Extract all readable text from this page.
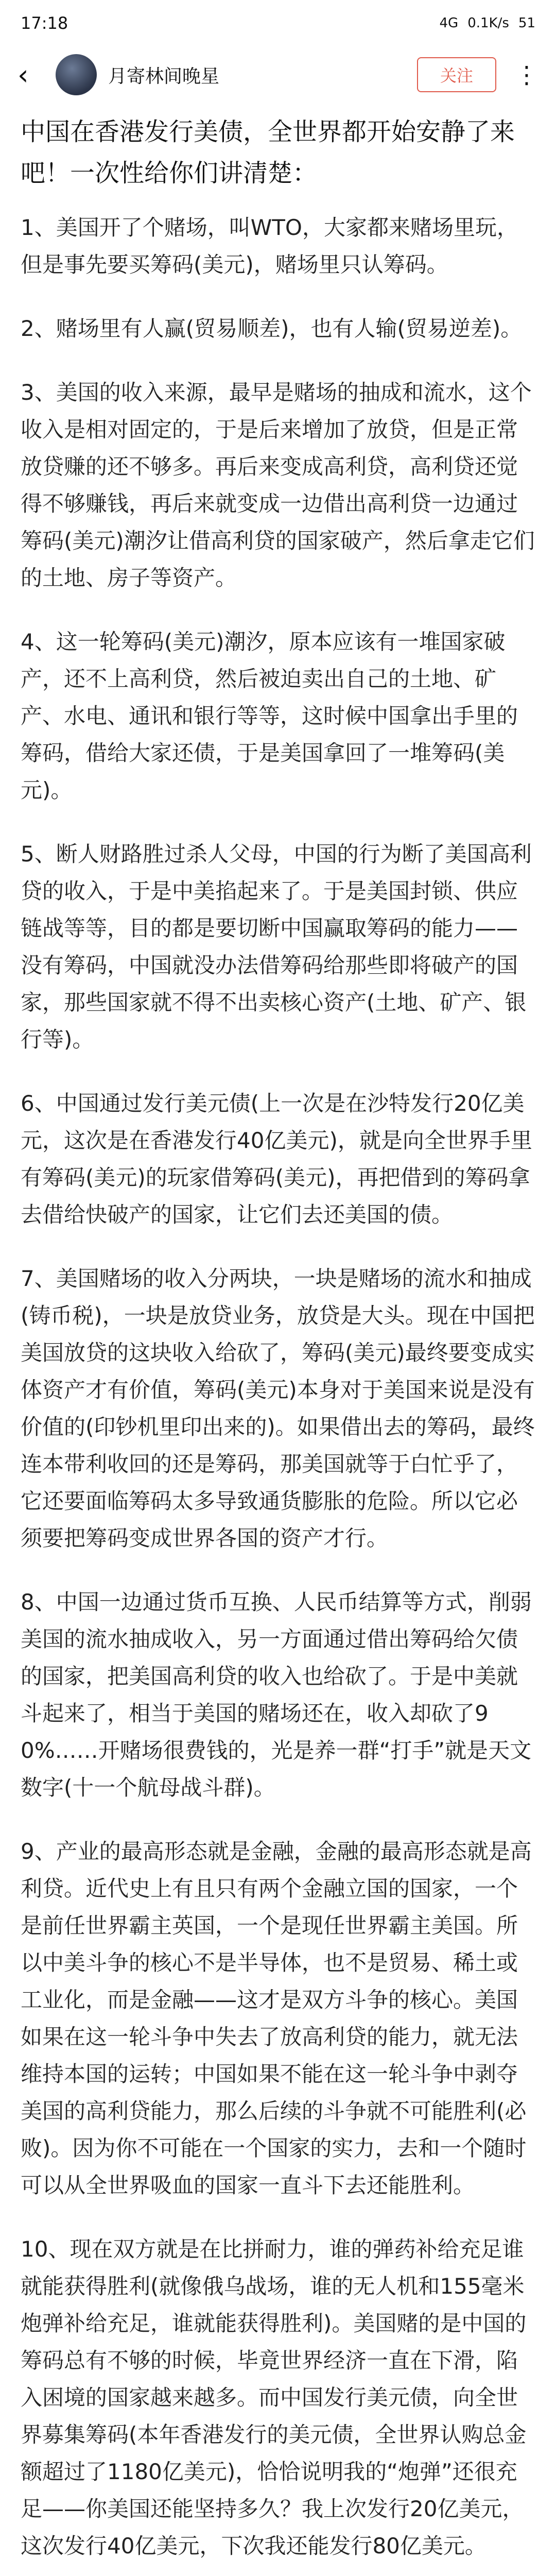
17:18	4G 0.1K/s 51
‹	月寄林间晚星	关注	⋮
中国在香港发行美债，全世界都开始安静了来吧！一次性给你们讲清楚：

1、美国开了个赌场，叫WTO，大家都来赌场里玩，但是事先要买筹码(美元)，赌场里只认筹码。

2、赌场里有人赢(贸易顺差)，也有人输(贸易逆差)。

3、美国的收入来源，最早是赌场的抽成和流水，这个收入是相对固定的，于是后来增加了放贷，但是正常放贷赚的还不够多。再后来变成高利贷，高利贷还觉得不够赚钱，再后来就变成一边借出高利贷一边通过筹码(美元)潮汐让借高利贷的国家破产，然后拿走它们的土地、房子等资产。

4、这一轮筹码(美元)潮汐，原本应该有一堆国家破产，还不上高利贷，然后被迫卖出自己的土地、矿产、水电、通讯和银行等等，这时候中国拿出手里的筹码，借给大家还债，于是美国拿回了一堆筹码(美元)。

5、断人财路胜过杀人父母，中国的行为断了美国高利贷的收入，于是中美掐起来了。于是美国封锁、供应链战等等，目的都是要切断中国赢取筹码的能力——没有筹码，中国就没办法借筹码给那些即将破产的国家，那些国家就不得不出卖核心资产(土地、矿产、银行等)。

6、中国通过发行美元债(上一次是在沙特发行20亿美元，这次是在香港发行40亿美元)，就是向全世界手里有筹码(美元)的玩家借筹码(美元)，再把借到的筹码拿去借给快破产的国家，让它们去还美国的债。

7、美国赌场的收入分两块，一块是赌场的流水和抽成(铸币税)，一块是放贷业务，放贷是大头。现在中国把美国放贷的这块收入给砍了，筹码(美元)最终要变成实体资产才有价值，筹码(美元)本身对于美国来说是没有价值的(印钞机里印出来的)。如果借出去的筹码，最终连本带利收回的还是筹码，那美国就等于白忙乎了，它还要面临筹码太多导致通货膨胀的危险。所以它必须要把筹码变成世界各国的资产才行。

8、中国一边通过货币互换、人民币结算等方式，削弱美国的流水抽成收入，另一方面通过借出筹码给欠债的国家，把美国高利贷的收入也给砍了。于是中美就斗起来了，相当于美国的赌场还在，收入却砍了90%……开赌场很费钱的，光是养一群“打手”就是天文数字(十一个航母战斗群)。

9、产业的最高形态就是金融，金融的最高形态就是高利贷。近代史上有且只有两个金融立国的国家，一个是前任世界霸主英国，一个是现任世界霸主美国。所以中美斗争的核心不是半导体，也不是贸易、稀土或工业化，而是金融——这才是双方斗争的核心。美国如果在这一轮斗争中失去了放高利贷的能力，就无法维持本国的运转；中国如果不能在这一轮斗争中剥夺美国的高利贷能力，那么后续的斗争就不可能胜利(必败)。因为你不可能在一个国家的实力，去和一个随时可以从全世界吸血的国家一直斗下去还能胜利。

10、现在双方就是在比拼耐力，谁的弹药补给充足谁就能获得胜利(就像俄乌战场，谁的无人机和155毫米炮弹补给充足，谁就能获得胜利)。美国赌的是中国的筹码总有不够的时候，毕竟世界经济一直在下滑，陷入困境的国家越来越多。而中国发行美元债，向全世界募集筹码(本年香港发行的美元债，全世界认购总金额超过了1180亿美元)，恰恰说明我的“炮弹”还很充足——你美国还能坚持多久？我上次发行20亿美元，这次发行40亿美元，下次我还能发行80亿美元。
